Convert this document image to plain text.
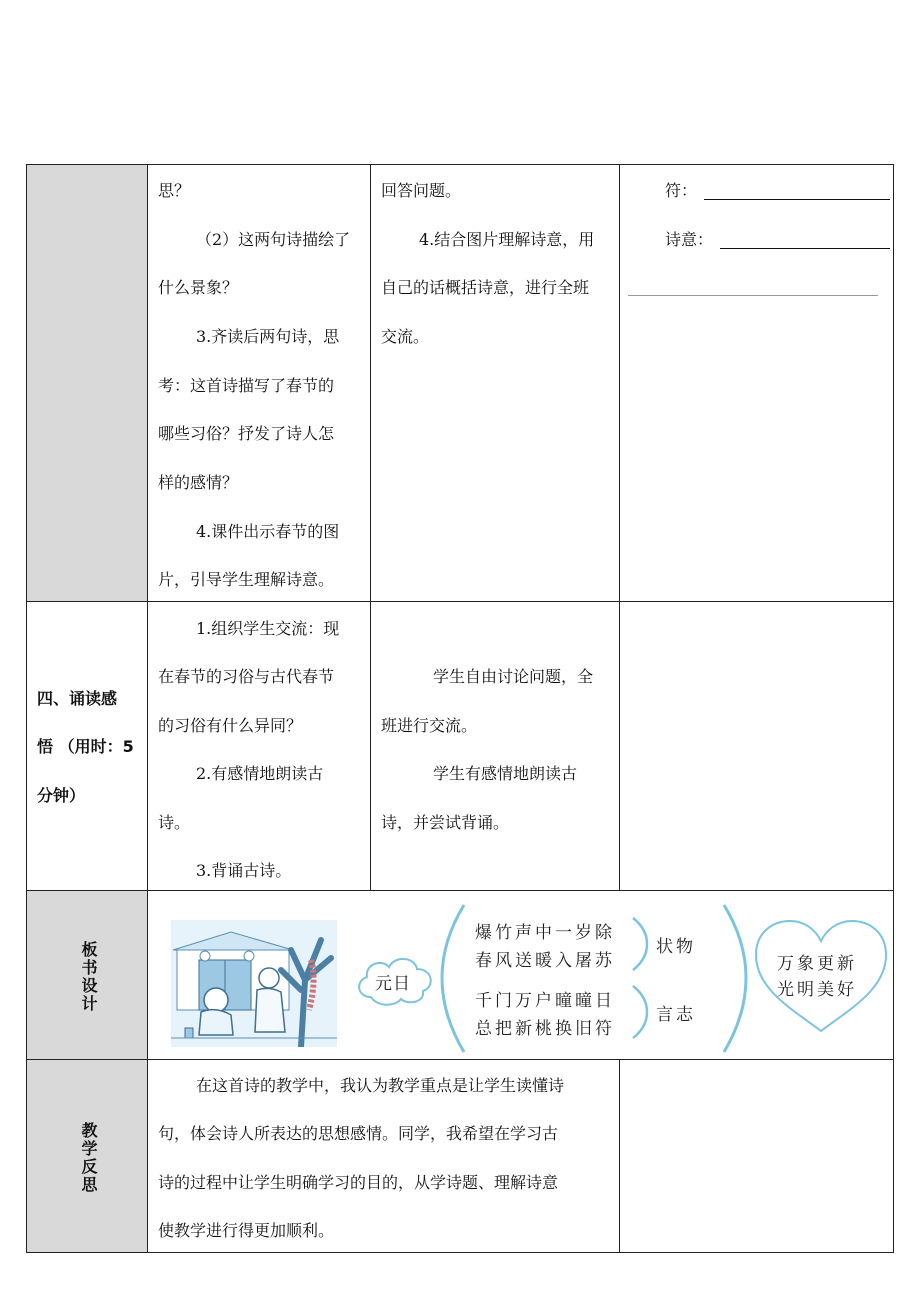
思？
（2）这两句诗描绘了
什么景象？
3.齐读后两句诗，思
考：这首诗描写了春节的
哪些习俗？抒发了诗人怎
样的感情？
4.课件出示春节的图
片，引导学生理解诗意。
回答问题。
4.结合图片理解诗意，用
自己的话概括诗意，进行全班
交流。
符：
诗意：
四、诵读感
悟 （用时：5
分钟）
1.组织学生交流：现
在春节的习俗与古代春节
的习俗有什么异同？
2.有感情地朗读古
诗。
3.背诵古诗。
学生自由讨论问题，全
班进行交流。
学生有感情地朗读古
诗，并尝试背诵。
板书设计	元日
爆竹声中一岁除
春风送暖入屠苏
千门万户曈曈日
总把新桃换旧符
状物
言志
万象更新
光明美好
教学反思
在这首诗的教学中，我认为教学重点是让学生读懂诗
句，体会诗人所表达的思想感情。同学，我希望在学习古
诗的过程中让学生明确学习的目的，从学诗题、理解诗意
使教学进行得更加顺利。
